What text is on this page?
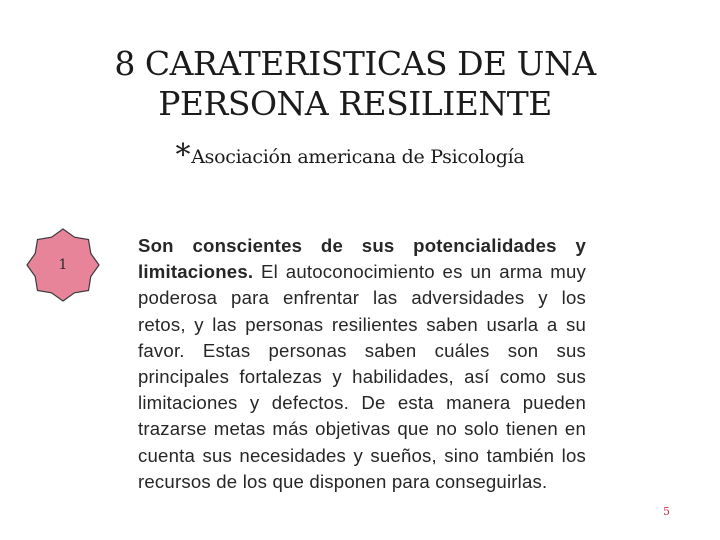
8 CARATERISTICAS DE UNA
PERSONA RESILIENTE
*Asociación americana de Psicología
1

Son conscientes de sus potencialidades y limitaciones. El autoconocimiento es un arma muy poderosa para enfrentar las adversidades y los retos, y las personas resilientes saben usarla a su favor. Estas personas saben cuáles son sus principales fortalezas y habilidades, así como sus limitaciones y defectos. De esta manera pueden trazarse metas más objetivas que no solo tienen en cuenta sus necesidades y sueños, sino también los recursos de los que disponen para conseguirlas.

5
